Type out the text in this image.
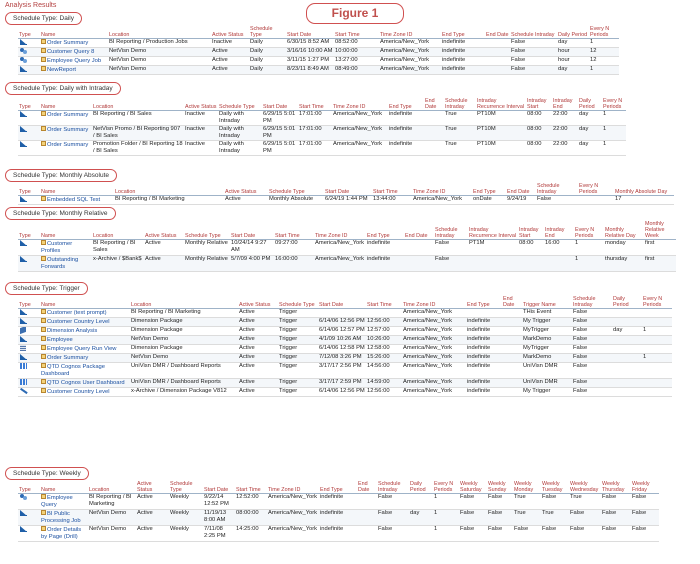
Analysis Results
Figure 1
Schedule Type: Daily
Type	Name	Location	Active Status	Schedule Type	Start Date	Start Time	Time Zone ID	End Type	End Date	Schedule Intraday	Daily Period	Every N Periods
	Order Summary	BI Reporting / Production Jobs	Inactive	Daily	6/30/15 8:52 AM	08:52:00	America/New_York	indefinite		False	day	1
	Customer Query 8	NetVisn Demo	Active	Daily	3/16/16 10:00 AM	10:00:00	America/New_York	indefinite		False	hour	12
	Employee Query Job	NetVisn Demo	Active	Daily	3/11/15 1:27 PM	13:27:00	America/New_York	indefinite		False	hour	12
	NewReport	NetVisn Demo	Active	Daily	8/23/11 8:49 AM	08:49:00	America/New_York	indefinite		False	day	1
Schedule Type: Daily with Intraday
Type	Name	Location	Active Status	Schedule Type	Start Date	Start Time	Time Zone ID	End Type	End Date	Schedule Intraday	Intraday Recurrence Interval	Intraday Start	Intraday End	Daily Period	Every N Periods
	Order Summary	BI Reporting / BI Sales	Inactive	Daily with Intraday	6/29/15 5:01 PM	17:01:00	America/New_York	indefinite		True	PT10M	08:00	22:00	day	1
	Order Summary	NetVisn Promo / BI Reporting 907 / BI Sales	Inactive	Daily with Intraday	6/29/15 5:01 PM	17:01:00	America/New_York	indefinite		True	PT10M	08:00	22:00	day	1
	Order Summary	Promotion Folder / BI Reporting 18 / BI Sales	Inactive	Daily with Intraday	6/29/15 5:01 PM	17:01:00	America/New_York	indefinite		True	PT10M	08:00	22:00	day	1
Schedule Type: Monthly Absolute
Type	Name	Location	Active Status	Schedule Type	Start Date	Start Time	Time Zone ID	End Type	End Date	Schedule Intraday	Every N Periods	Monthly Absolute Day
	Embedded SQL Test	BI Reporting / BI Marketing	Active	Monthly Absolute	6/24/19 1:44 PM	13:44:00	America/New_York	onDate	9/24/19	False		17
Schedule Type: Monthly Relative
Type	Name	Location	Active Status	Schedule Type	Start Date	Start Time	Time Zone ID	End Type	End Date	Schedule Intraday	Intraday Recurrence Interval	Intraday Start	Intraday End	Every N Periods	Monthly Relative Day	Monthly Relative Week
	Customer Profiles	BI Reporting / BI Sales	Active	Monthly Relative	10/24/14 9:27 AM	09:27:00	America/New_York	indefinite		False	PT1M	08:00	16:00	1	monday	first
	Outstanding Forwards	x-Archive / $Bank$	Active	Monthly Relative	5/7/09 4:00 PM	16:00:00	America/New_York	indefinite		False				1	thursday	first
Schedule Type: Trigger
Type	Name	Location	Active Status	Schedule Type	Start Date	Start Time	Time Zone ID	End Type	End Date	Trigger Name	Schedule Intraday	Daily Period	Every N Periods
	Customer (text prompt)	BI Reporting / BI Marketing	Active	Trigger			America/New_York			THis Event	False		
	Customer Country Level	Dimension Package	Active	Trigger	6/14/06 12:56 PM	12:56:00	America/New_York	indefinite		My Trigger	False		
	Dimension Analysis	Dimension Package	Active	Trigger	6/14/06 12:57 PM	12:57:00	America/New_York	indefinite		MyTrigger	False	day	1
	Employee	NetVisn Demo	Active	Trigger	4/1/09 10:26 AM	10:26:00	America/New_York	indefinite		MarkDemo	False		
	Employee Query Run View	Dimension Package	Active	Trigger	6/14/06 12:58 PM	12:58:00	America/New_York	indefinite		MyTrigger	False		
	Order Summary	NetVisn Demo	Active	Trigger	7/12/08 3:26 PM	15:26:00	America/New_York	indefinite		MarkDemo	False		1
	QTD Cognos Package Dashboard	UniVisn DMR / Dashboard Reports	Active	Trigger	3/17/17 2:56 PM	14:56:00	America/New_York	indefinite		UniVisn DMR	False		
	QTD Cognos User Dashboard	UniVisn DMR / Dashboard Reports	Active	Trigger	3/17/17 2:59 PM	14:59:00	America/New_York	indefinite		UniVisn DMR	False		
	Customer Country Level	x-Archive / Dimension Package V812	Active	Trigger	6/14/06 12:56 PM	12:56:00	America/New_York	indefinite		My Trigger	False		
Schedule Type: Weekly
Type	Name	Location	Active Status	Schedule Type	Start Date	Start Time	Time Zone ID	End Type	End Date	Schedule Intraday	Daily Period	Every N Periods	Weekly Saturday	Weekly Sunday	Weekly Monday	Weekly Tuesday	Weekly Wednesday	Weekly Thursday	Weekly Friday
	Employee Query	BI Reporting / BI Marketing	Active	Weekly	9/22/14 12:52 PM	12:52:00	America/New_York	indefinite		False		1	False	False	True	False	True	False	False
	BI Public Processing Job	NetVisn Demo	Active	Weekly	11/19/13 8:00 AM	08:00:00	America/New_York	indefinite		False	day	1	False	False	True	True	False	False	False
	Order Details by Page (Drill)	NetVisn Demo	Active	Weekly	7/11/08 2:25 PM	14:25:00	America/New_York	indefinite		False		1	False	False	False	False	False	False	False
